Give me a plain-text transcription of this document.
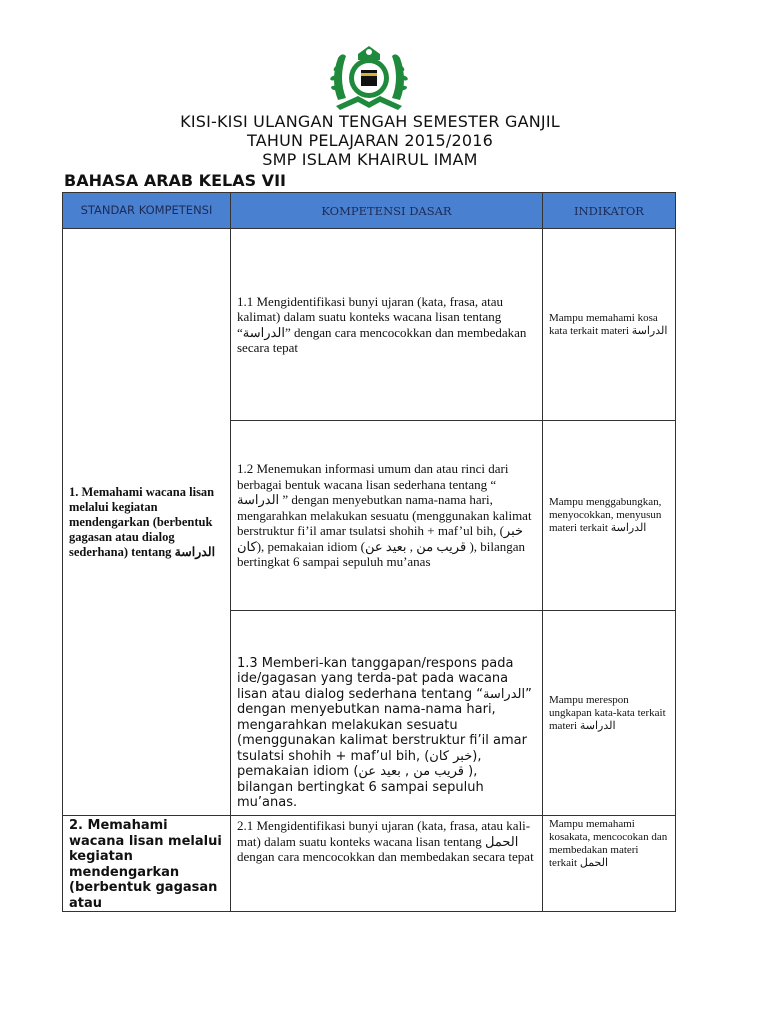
KISI-KISI ULANGAN TENGAH SEMESTER GANJIL
TAHUN PELAJARAN 2015/2016
SMP ISLAM KHAIRUL IMAM
BAHASA ARAB KELAS VII
STANDAR KOMPETENSI	KOMPETENSI DASAR	INDIKATOR
1. Memahami wacana lisan melalui kegiatan mendengarkan (berbentuk gagasan atau dialog sederhana) tentang الدراسة	1.1 Mengidentifikasi bunyi ujaran (kata, frasa, atau kalimat) dalam suatu konteks wacana lisan tentang “الدراسة” dengan cara mencocokkan dan membedakan secara tepat	Mampu memahami kosa kata terkait materi الدراسة
	1.2 Menemukan informasi umum dan atau rinci dari berbagai bentuk wacana lisan sederhana tentang “ الدراسة ” dengan menyebutkan nama-nama hari, mengarahkan melakukan sesuatu (menggunakan kalimat berstruktur fi’il amar tsulatsi shohih + maf’ul bih, (خبر كان), pemakaian idiom (قريب من , بعيد عن ), bilangan bertingkat 6 sampai sepuluh mu’anas	Mampu menggabungkan, menyocokkan, menyusun materi terkait الدراسة
	1.3 Memberi-kan tanggapan/respons pada ide/gagasan yang terda-pat pada wacana lisan atau dialog sederhana tentang “الدراسة” dengan menyebutkan nama-nama hari, mengarahkan melakukan sesuatu (menggunakan kalimat berstruktur fi’il amar tsulatsi shohih + maf’ul bih, (خبر كان), pemakaian idiom (قريب من , بعيد عن ), bilangan bertingkat 6 sampai sepuluh mu’anas.	Mampu merespon ungkapan kata-kata terkait materi الدراسة
2. Memahami wacana lisan melalui kegiatan mendengarkan (berbentuk gagasan atau	2.1 Mengidentifikasi bunyi ujaran (kata, frasa, atau kali-mat) dalam suatu konteks wacana lisan tentang الحمل dengan cara mencocokkan dan membedakan secara tepat	Mampu memahami kosakata, mencocokan dan membedakan materi terkait الحمل
